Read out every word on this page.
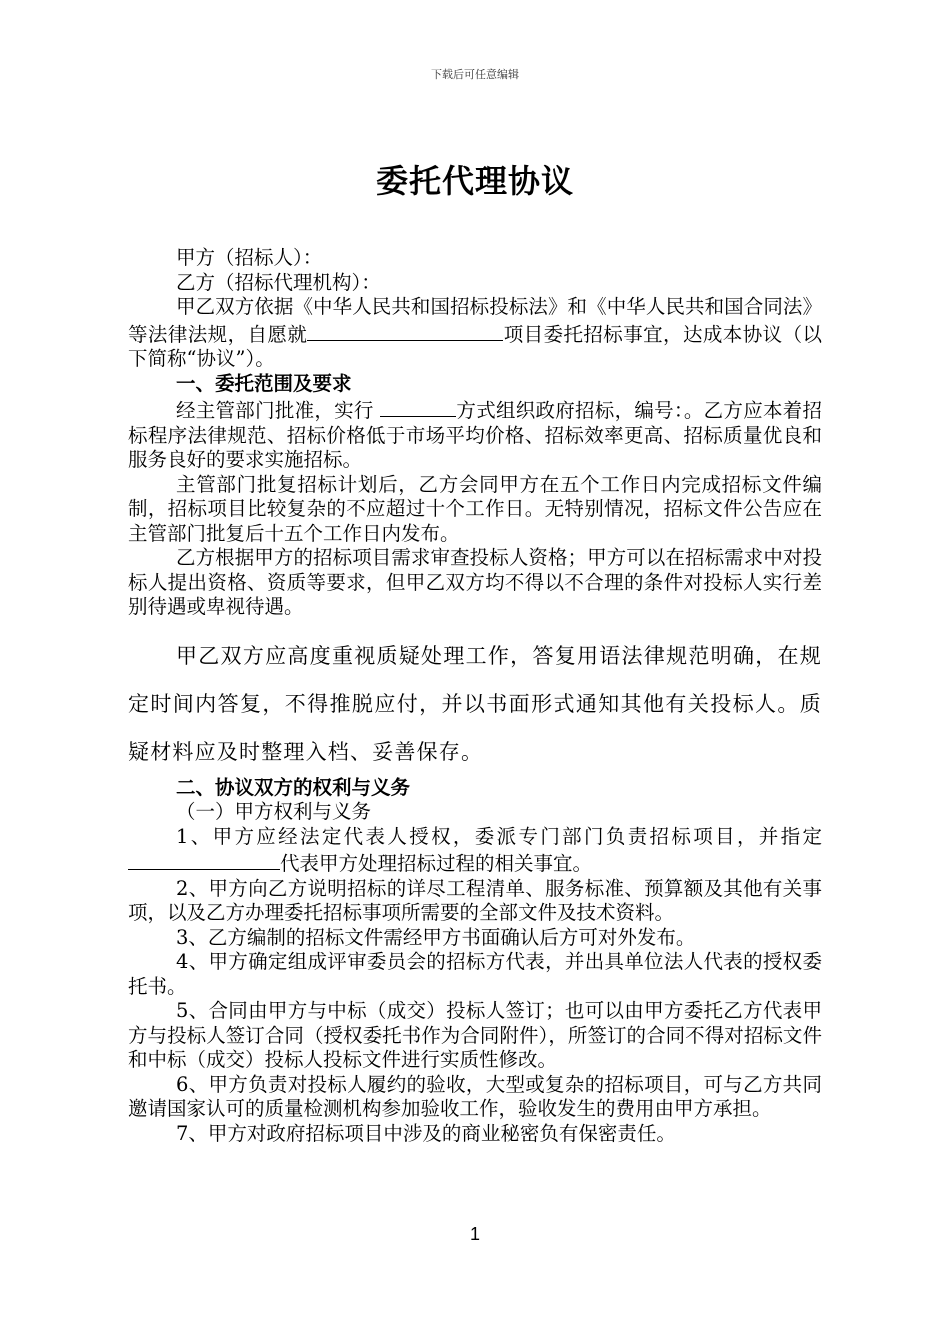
下载后可任意编辑
委托代理协议

甲方（招标人）：

乙方（招标代理机构）：

甲乙双方依据《中华人民共和国招标投标法》和《中华人民共和国合同法》等法律法规，自愿就	项目委托招标事宜，达成本协议（以下简称“协议”）。

一、委托范围及要求

经主管部门批准，实行	方式组织政府招标，编号：。乙方应本着招标程序法律规范、招标价格低于市场平均价格、招标效率更高、招标质量优良和服务良好的要求实施招标。

主管部门批复招标计划后，乙方会同甲方在五个工作日内完成招标文件编制，招标项目比较复杂的不应超过十个工作日。无特别情况，招标文件公告应在主管部门批复后十五个工作日内发布。

乙方根据甲方的招标项目需求审查投标人资格；甲方可以在招标需求中对投标人提出资格、资质等要求，但甲乙双方均不得以不合理的条件对投标人实行差别待遇或卑视待遇。

甲乙双方应高度重视质疑处理工作，答复用语法律规范明确，在规定时间内答复，不得推脱应付，并以书面形式通知其他有关投标人。质疑材料应及时整理入档、妥善保存。

二、协议双方的权利与义务

（一）甲方权利与义务

1、甲方应经法定代表人授权，委派专门部门负责招标项目，并指定代表甲方处理招标过程的相关事宜。

2、甲方向乙方说明招标的详尽工程清单、服务标准、预算额及其他有关事项，以及乙方办理委托招标事项所需要的全部文件及技术资料。

3、乙方编制的招标文件需经甲方书面确认后方可对外发布。

4、甲方确定组成评审委员会的招标方代表，并出具单位法人代表的授权委托书。

5、合同由甲方与中标（成交）投标人签订；也可以由甲方委托乙方代表甲方与投标人签订合同（授权委托书作为合同附件），所签订的合同不得对招标文件和中标（成交）投标人投标文件进行实质性修改。

6、甲方负责对投标人履约的验收，大型或复杂的招标项目，可与乙方共同邀请国家认可的质量检测机构参加验收工作，验收发生的费用由甲方承担。

7、甲方对政府招标项目中涉及的商业秘密负有保密责任。

1
